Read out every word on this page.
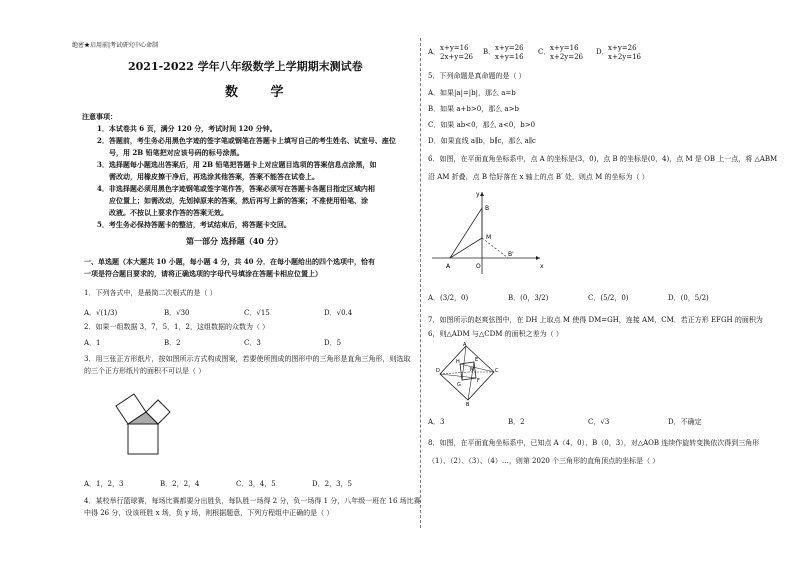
绝密★启用前|考试研究中心命制
2021-2022 学年八年级数学上学期期末测试卷
数 学
注意事项：
1．本试卷共 6 页，满分 120 分，考试时间 120 分钟。
2．答题前，考生务必用黑色字迹的签字笔或钢笔在答题卡上填写自己的考生姓名、试室号、座位
号，用 2B 铅笔把对应该号码的标号涂黑。
3．选择题每小题选出答案后，用 2B 铅笔把答题卡上对应题目选项的答案信息点涂黑，如
需改动，用橡皮擦干净后，再选涂其他答案，答案不能答在试卷上。
4．非选择题必须用黑色字迹钢笔或签字笔作答，答案必须写在答题卡各题目指定区域内相
应位置上；如需改动，先划掉原来的答案，然后再写上新的答案；不准使用铅笔、涂
改液。不按以上要求作答的答案无效。
5．考生务必保持答题卡的整洁，考试结束后，将答题卡交回。
第一部分 选择题（40 分）
一、单选题（本大题共 10 小题，每小题 4 分，共 40 分．在每小题给出的四个选项中，恰有
一项是符合题目要求的，请将正确选项的字母代号填涂在答题卡相应位置上）
1．下列各式中，是最简二次根式的是（ ）
A．√(1/3)	B．√30	C．√15	D．√0.4
2．如果一组数据 3，7，5，1，2，这组数据的众数为（ ）
A．1	B．2	C．3	D．5
3．用三张正方形纸片，按如图所示方式构成图案，若要使所围成的图形中的三角形是直角三角形，则选取
的三个正方形纸片的面积不可以是（ ）
A．1，2，3	B．2，2，4	C．3，4，5	D．2，3，5
4．某校举行篮球赛，每场比赛都要分出胜负，每队胜一场得 2 分，负一场得 1 分，八年级一班在 16 场比赛
中得 26 分，设该班胜 x 场，负 y 场，则根据题意，下列方程组中正确的是（ ）
A． x+y=16
2x+y=26
B． x+y=26
x+y=16
C． x+y=16
x+2y=26
D． x+y=26
x+2y=16
5．下列命题是真命题的是（ ）
A．如果|a|=|b|，那么 a=b
B．如果 a+b>0，那么 a>b
C．如果 ab<0，那么 a<0，b>0
D．如果直线 a∥b，b∥c，那么 a∥c
6．如图，在平面直角坐标系中，点 A 的坐标是(3，0)，点 B 的坐标是(0，4)，点 M 是 OB 上一点，将 △ABM
沿 AM 折叠，点 B 恰好落在 x 轴上的点 B′ 处，则点 M 的坐标为（ ）
y
B
M
A	O
B'
x
A．(3/2，0)	B．(0，3/2)	C．(5/2，0)	D．(0，5/2)
7．如图所示的赵爽弦图中，在 DH 上取点 M 使得 DM=GH，连接 AM，CM．若正方形 EFGH 的面积为
6，则△ADM 与△CDM 的面积之差为（ ）
A
D
H	E
F
G
M	C
B
A．3	B．2	C．√3	D．不确定
8．如图，在平面直角坐标系中，已知点 A（4，0）、B（0，3），对△AOB 连续作旋转变换依次得到三角形
（1）、（2）、（3）、（4）…，则第 2020 个三角形的直角顶点的坐标是（ ）
